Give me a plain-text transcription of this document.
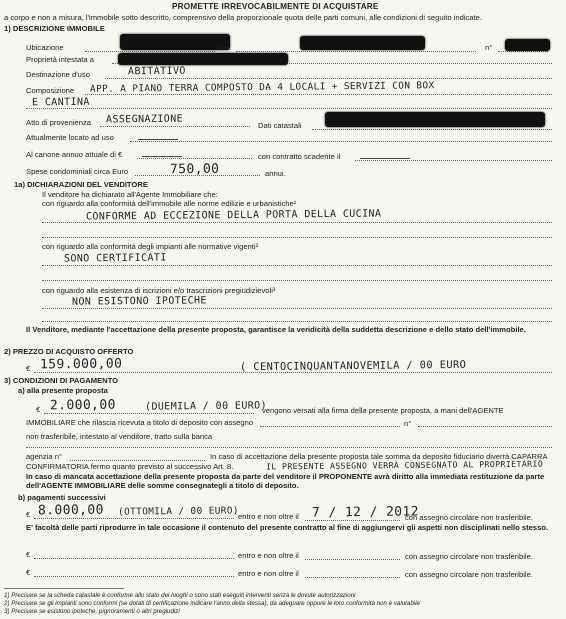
PROMETTE IRREVOCABILMENTE DI ACQUISTARE
a corpo e non a misura, l'immobile sotto descritto, comprensivo della proporzionale quota delle parti comuni, alle condizioni di seguito indicate.
1) DESCRIZIONE IMMOBILE
Ubicazione	via	n°
Proprietà intestata a
Destinazione d'uso	ABITATIVO
Composizione APP. A PIANO TERRA COMPOSTO DA 4 LOCALI + SERVIZI CON BOX
E CANTINA
Atto di provenienza ASSEGNAZIONE
Dati catastali
Attualmente locato ad uso
Al canone annuo attuale di €	con contratto scadente il
Spese condominiali circa Euro	750,00	annui.
1a) DICHIARAZIONI DEL VENDITORE
Il venditore ha dichiarato all'Agente Immobiliare che:
con riguardo alla conformità dell'immobile alle norme edilizie e urbanistiche¹
CONFORME AD ECCEZIONE DELLA PORTA DELLA CUCINA
con riguardo alla conformità degli impianti alle normative vigenti²
SONO CERTIFICATI
con riguardo alla esistenza di iscrizioni e/o trascrizioni pregiudizievoli³
NON ESISTONO IPOTECHE
Il Venditore, mediante l'accettazione della presente proposta, garantisce la veridicità della suddetta descrizione e dello stato dell'immobile.
2) PREZZO DI ACQUISTO OFFERTO
€ 159.000,00	( CENTOCINQUANTANOVEMILA / 00 EURO
3) CONDIZIONI DI PAGAMENTO
a) alla presente proposta
€ 2.000,00	(DUEMILA / 00 EURO)
vengono versati alla firma della presente proposta, a mani dell'AGENTE
IMMOBILIARE che rilascia ricevuta a titolo di deposito con assegno	n°
non trasferibile, intestato al venditore, tratto sulla banca
agenzia n°	In caso di accettazione della presente proposta tale somma da deposito fiduciario diverrà CAPARRA
CONFIRMATORIA fermo quanto previsto al successivo Art. 8.	IL PRESENTE ASSEGNO VERRÀ CONSEGNATO AL PROPRIETARIO
In caso di mancata accettazione della presente proposta da parte del venditore il PROPONENTE avrà diritto alla immediata restituzione da parte dell'AGENTE IMMOBILIARE delle somme consegnategli a titolo di deposito.
b) pagamenti successivi
€ 8.000,00 (OTTOMILA / 00 EURO) entro e non oltre il 7 / 12 / 2012
con assegno circolare non trasferibile.
E' facoltà delle parti riprodurre in tale occasione il contenuto del presente contratto al fine di aggiungervi gli aspetti non disciplinati nello stesso.
€	entro e non oltre il	con assegno circolare non trasferibile.
€	entro e non oltre il	con assegno circolare non trasferibile.
1) Precisare se la scheda catastale è conforme allo stato dei luoghi o sono stati eseguiti interventi senza le dovute autorizzazioni
2) Precisare se gli impianti sono conformi (se dotati di certificazione indicare l'anno della stessa), da adeguare oppure le loro conformità non è valutabile
3) Precisare se esistono ipoteche, pignoramenti o altri pregiudizi
